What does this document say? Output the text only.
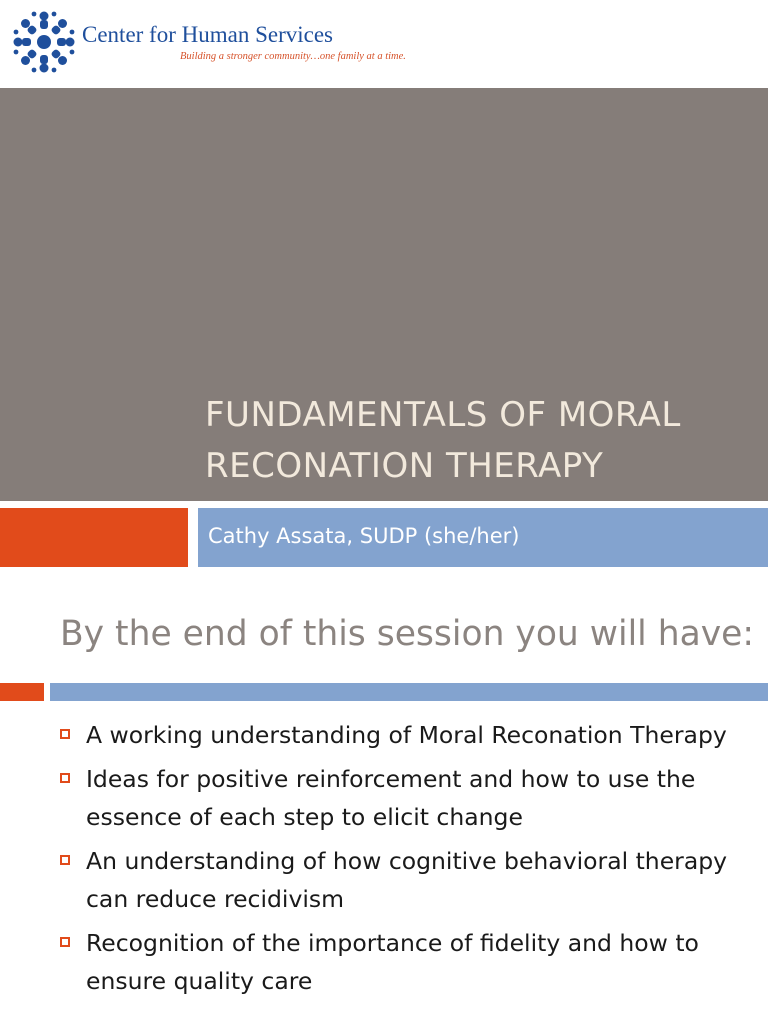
Center for Human Services
Building a stronger community…one family at a time.
FUNDAMENTALS OF MORAL RECONATION THERAPY
Cathy Assata, SUDP (she/her)
By the end of this session you will have:
A working understanding of Moral Reconation Therapy
Ideas for positive reinforcement and how to use the essence of each step to elicit change
An understanding of how cognitive behavioral therapy can reduce recidivism
Recognition of the importance of fidelity and how to ensure quality care
